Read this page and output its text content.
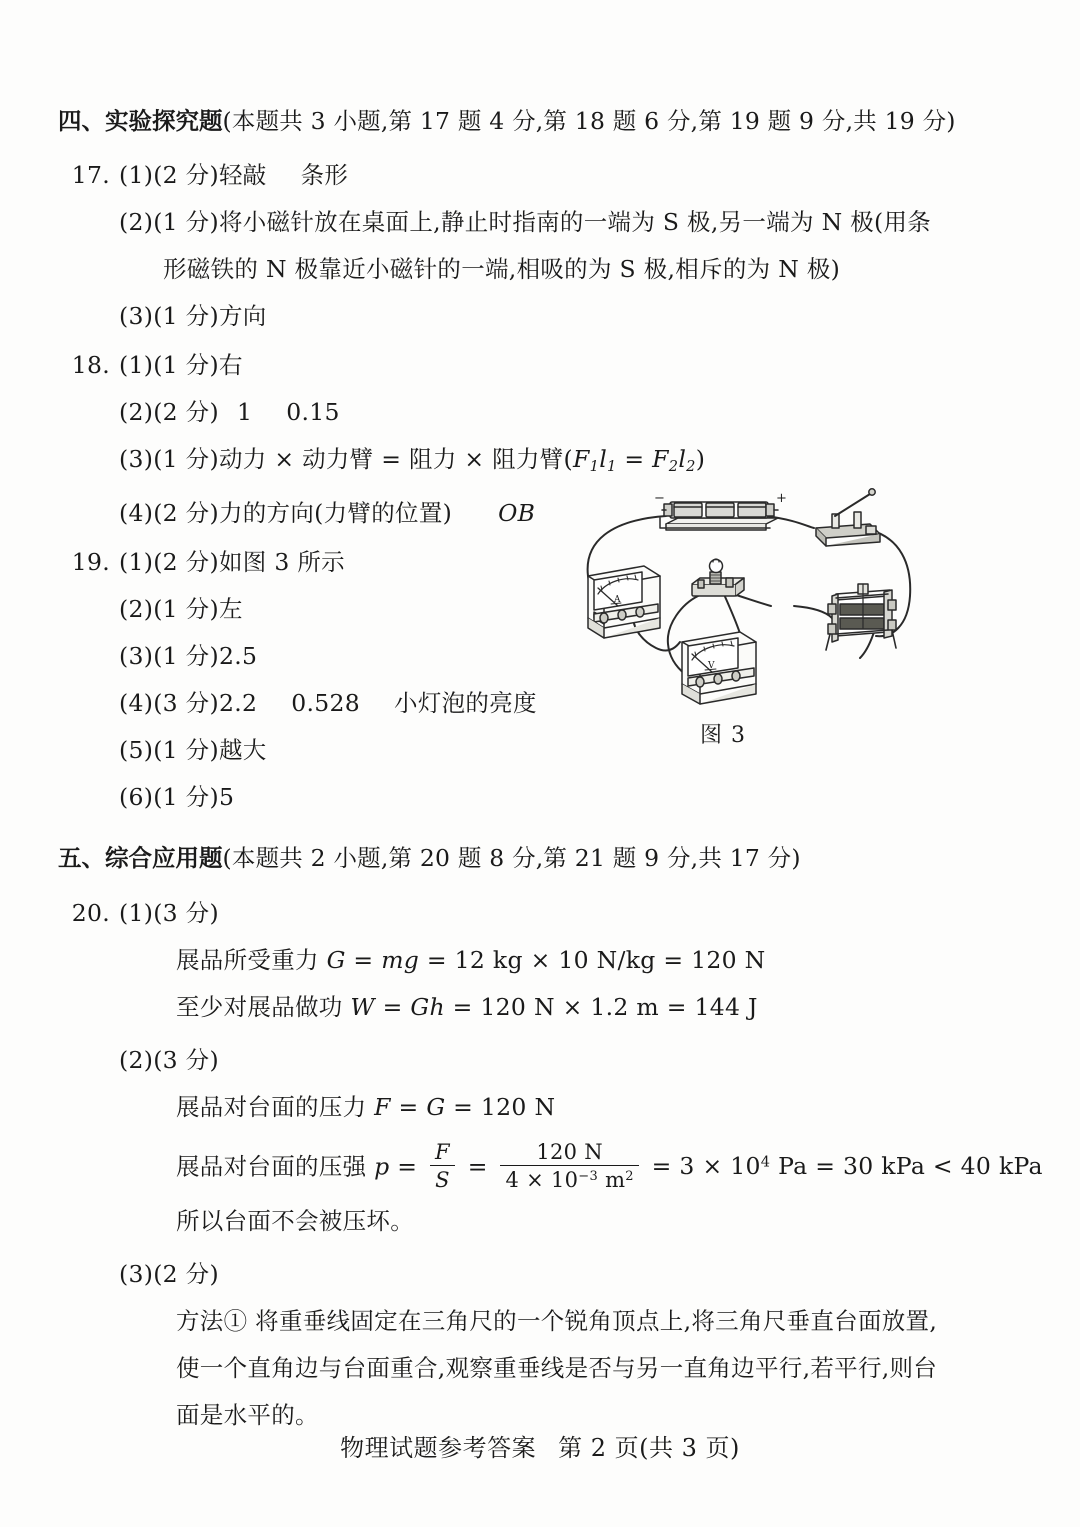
四、实验探究题(本题共 3 小题,第 17 题 4 分,第 18 题 6 分,第 19 题 9 分,共 19 分)
17. (1)(2 分)轻敲 条形
(2)(1 分)将小磁针放在桌面上,静止时指南的一端为 S 极,另一端为 N 极(用条
形磁铁的 N 极靠近小磁针的一端,相吸的为 S 极,相斥的为 N 极)
(3)(1 分)方向
18. (1)(1 分)右
(2)(2 分) 1 0.15
(3)(1 分)动力 × 动力臂 = 阻力 × 阻力臂$(F_1l_1 = F_2l_2)$
(4)(2 分)力的方向(力臂的位置) OB
19. (1)(2 分)如图 3 所示
(2)(1 分)左
(3)(1 分)2.5
(4)(3 分)2.2 0.528 小灯泡的亮度
(5)(1 分)越大
(6)(1 分)5
五、综合应用题(本题共 2 小题,第 20 题 8 分,第 21 题 9 分,共 17 分)
20. (1)(3 分)
展品所受重力 G = mg = 12 kg × 10 N/kg = 120 N
至少对展品做功 W = Gh = 120 N × 1.2 m = 144 J
(2)(3 分)
展品对台面的压力 F = G = 120 N
展品对台面的压强 $p = \frac{F}{S} = \frac{120 N}{4 \times 10^{-3} m^2} = 3 \times 10^4$ Pa = 30 kPa < 40 kPa
所以台面不会被压坏。
(3)(2 分)
方法① 将重垂线固定在三角尺的一个锐角顶点上,将三角尺垂直台面放置,
使一个直角边与台面重合,观察重垂线是否与另一直角边平行,若平行,则台
面是水平的。
−	+
A
V
图 3
物理试题参考答案 第 2 页(共 3 页)
